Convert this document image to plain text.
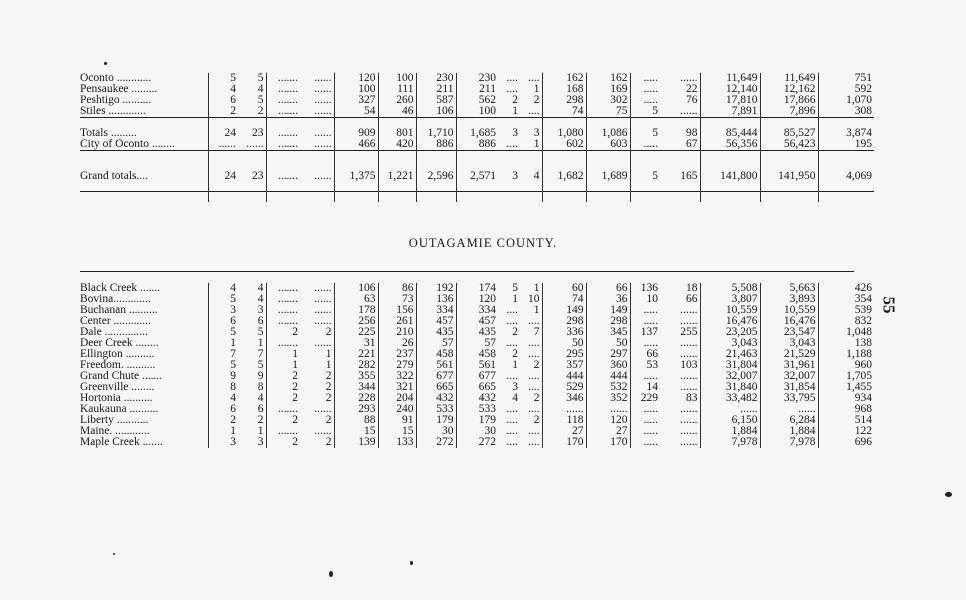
Oconto ............	5	5	.......	......	120	100	230	230	....	....	162	162	.....	......	11,649	11,649	751
Pensaukee .........	4	4	.......	......	100	111	211	211	....	1	168	169	.....	22	12,140	12,162	592
Peshtigo ..........	6	5	.......	......	327	260	587	562	2	2	298	302	.....	76	17,810	17,866	1,070
Stiles .............	2	2	.......	......	54	46	106	100	1	....	74	75	5	......	7,891	7,896	308

Totals .........	24	23	.......	......	909	801	1,710	1,685	3	3	1,080	1,086	5	98	85,444	85,527	3,874
City of Oconto ........	......	......	.......	......	466	420	886	886	....	1	602	603	.....	67	56,356	56,423	195

Grand totals....	24	23	.......	......	1,375	1,221	2,596	2,571	3	4	1,682	1,689	5	165	141,800	141,950	4,069

OUTAGAMIE COUNTY.
Black Creek .......	4	4	.......	......	106	86	192	174	5	1	60	66	136	18	5,508	5,663	426
Bovina.............	5	4	.......	......	63	73	136	120	1	10	74	36	10	66	3,807	3,893	354
Buchanan ..........	3	3	.......	......	178	156	334	334	....	1	149	149	.....	......	10,559	10,559	539
Center .............	6	6	.......	......	256	261	457	457	....	....	298	298	.....	......	16,476	16,476	832
Dale ...............	5	5	2	2	225	210	435	435	2	7	336	345	137	255	23,205	23,547	1,048
Deer Creek ........	1	1	.......	......	31	26	57	57	....	....	50	50	.....	......	3,043	3,043	138
Ellington ..........	7	7	1	1	221	237	458	458	2	....	295	297	66	......	21,463	21,529	1,188
Freedom. ..........	5	5	1	1	282	279	561	561	1	2	357	360	53	103	31,804	31,961	960
Grand Chute .......	9	9	2	2	355	322	677	677	....	....	444	444	.....	......	32,007	32,007	1,705
Greenville ........	8	8	2	2	344	321	665	665	3	....	529	532	14	......	31,840	31,854	1,455
Hortonia ..........	4	4	2	2	228	204	432	432	4	2	346	352	229	83	33,482	33,795	934
Kaukauna ..........	6	6	.......	......	293	240	533	533	....	....	......	......	.....	......	......	......	968
Liberty ...........	2	2	2	2	88	91	179	179	....	2	118	120	.....	......	6,150	6,284	514
Maine. ............	1	1	.......	......	15	15	30	30	....	....	27	27	.....	......	1,884	1,884	122
Maple Creek .......	3	3	2	2	139	133	272	272	....	....	170	170	.....	......	7,978	7,978	696
55
